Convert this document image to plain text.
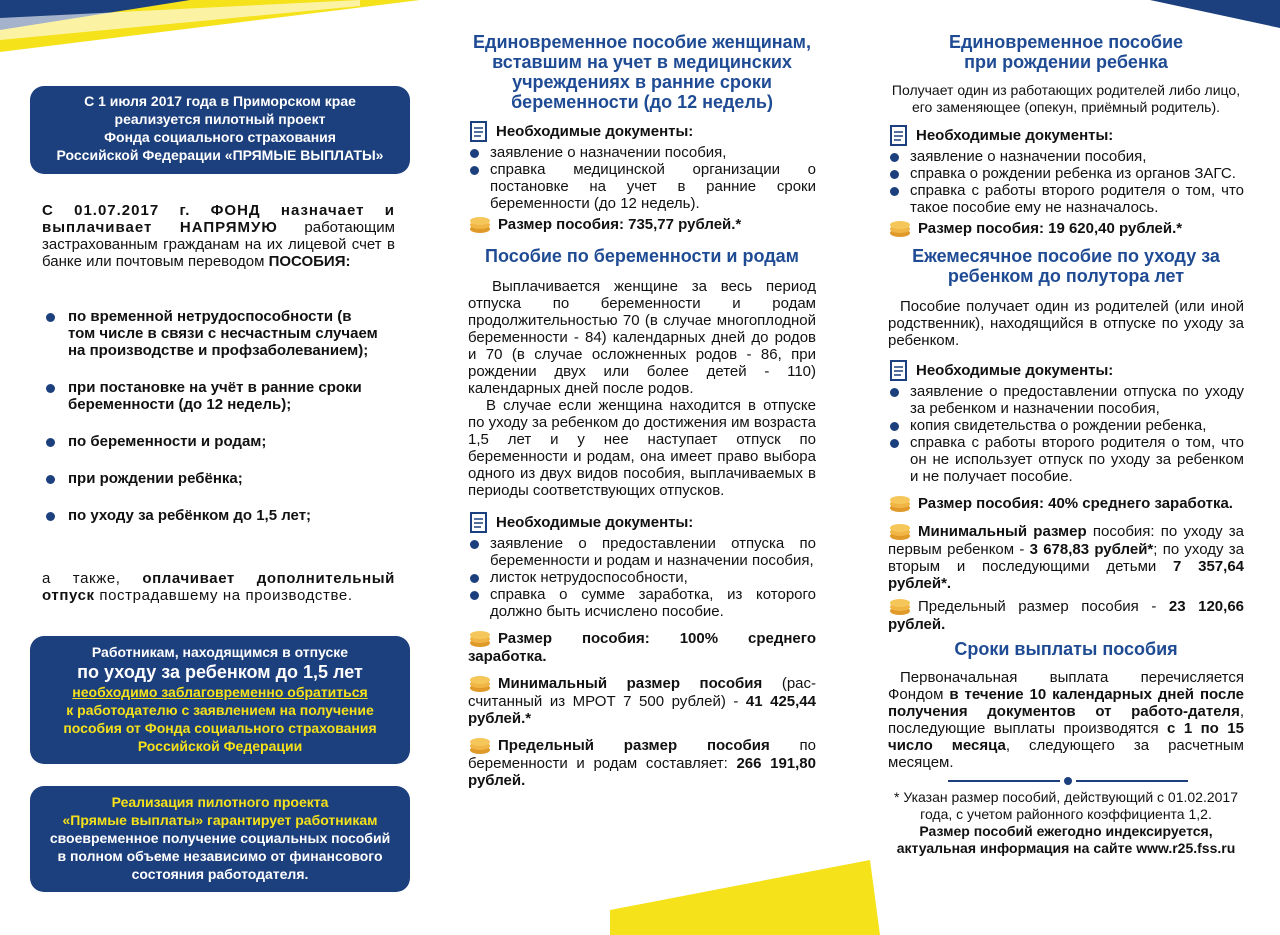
С 1 июля 2017 года в Приморском крае
реализуется пилотный проект
Фонда социального страхования
Российской Федерации «ПРЯМЫЕ ВЫПЛАТЫ»
С 01.07.2017 г. ФОНД назначает и выплачивает НАПРЯМУЮ работающим застрахованным гражданам на их лицевой счет в банке или почтовым переводом ПОСОБИЯ:
по временной нетрудоспособности (в том числе в связи с несчастным случаем на производстве и профзаболеванием);
при постановке на учёт в ранние сроки беременности (до 12 недель);
по беременности и родам;
при рождении ребёнка;
по уходу за ребёнком до 1,5 лет;
а также, оплачивает дополнительный отпуск пострадавшему на производстве.
Работникам, находящимся в отпуске
по уходу за ребенком до 1,5 лет
необходимо заблаговременно обратиться
к работодателю с заявлением на получение
пособия от Фонда социального страхования
Российской Федерации
Реализация пилотного проекта
«Прямые выплаты» гарантирует работникам
своевременное получение социальных пособий
в полном объеме независимо от финансового
состояния работодателя.
Единовременное пособие женщинам, вставшим на учет в медицинских учреждениях в ранние сроки беременности (до 12 недель)
Необходимые документы:
заявление о назначении пособия,
справка медицинской организации о постановке на учет в ранние сроки беременности (до 12 недель).
Размер пособия: 735,77 рублей.*
Пособие по беременности и родам

Выплачивается женщине за весь период отпуска по беременности и родам продолжительностью 70 (в случае многоплодной беременности - 84) календарных дней до родов и 70 (в случае осложненных родов - 86, при рождении двух или более детей - 110) календарных дней после родов.

В случае если женщина находится в отпуске по уходу за ребенком до достижения им возраста 1,5 лет и у нее наступает отпуск по беременности и родам, она имеет право выбора одного из двух видов пособия, выплачиваемых в периоды соответствующих отпусков.

Необходимые документы:
заявление о предоставлении отпуска по беременности и родам и назначении пособия,
листок нетрудоспособности,
справка о сумме заработка, из которого должно быть исчислено пособие.
Размер пособия: 100% среднего заработка.
Минимальный размер пособия (рас-считанный из МРОТ 7 500 рублей) - 41 425,44 рублей.*
Предельный размер пособия по беременности и родам составляет: 266 191,80 рублей.
Единовременное пособие при рождении ребенка

Получает один из работающих родителей либо лицо, его заменяющее (опекун, приёмный родитель).

Необходимые документы:
заявление о назначении пособия,
справка о рождении ребенка из органов ЗАГС.
справка с работы второго родителя о том, что такое пособие ему не назначалось.
Размер пособия: 19 620,40 рублей.*
Ежемесячное пособие по уходу за ребенком до полутора лет

Пособие получает один из родителей (или иной родственник), находящийся в отпуске по уходу за ребенком.

Необходимые документы:
заявление о предоставлении отпуска по уходу за ребенком и назначении пособия,
копия свидетельства о рождении ребенка,
справка с работы второго родителя о том, что он не использует отпуск по уходу за ребенком и не получает пособие.
Размер пособия: 40% среднего заработка.
Минимальный размер пособия: по уходу за первым ребенком - 3 678,83 рублей*; по уходу за вторым и последующими детьми 7 357,64 рублей*.
Предельный размер пособия - 23 120,66 рублей.
Сроки выплаты пособия

Первоначальная выплата перечисляется Фондом в течение 10 календарных дней после получения документов от работо-дателя, последующие выплаты производятся с 1 по 15 число месяца, следующего за расчетным месяцем.

* Указан размер пособий, действующий с 01.02.2017 года, с учетом районного коэффициента 1,2.

Размер пособий ежегодно индексируется, актуальная информация на сайте www.r25.fss.ru
